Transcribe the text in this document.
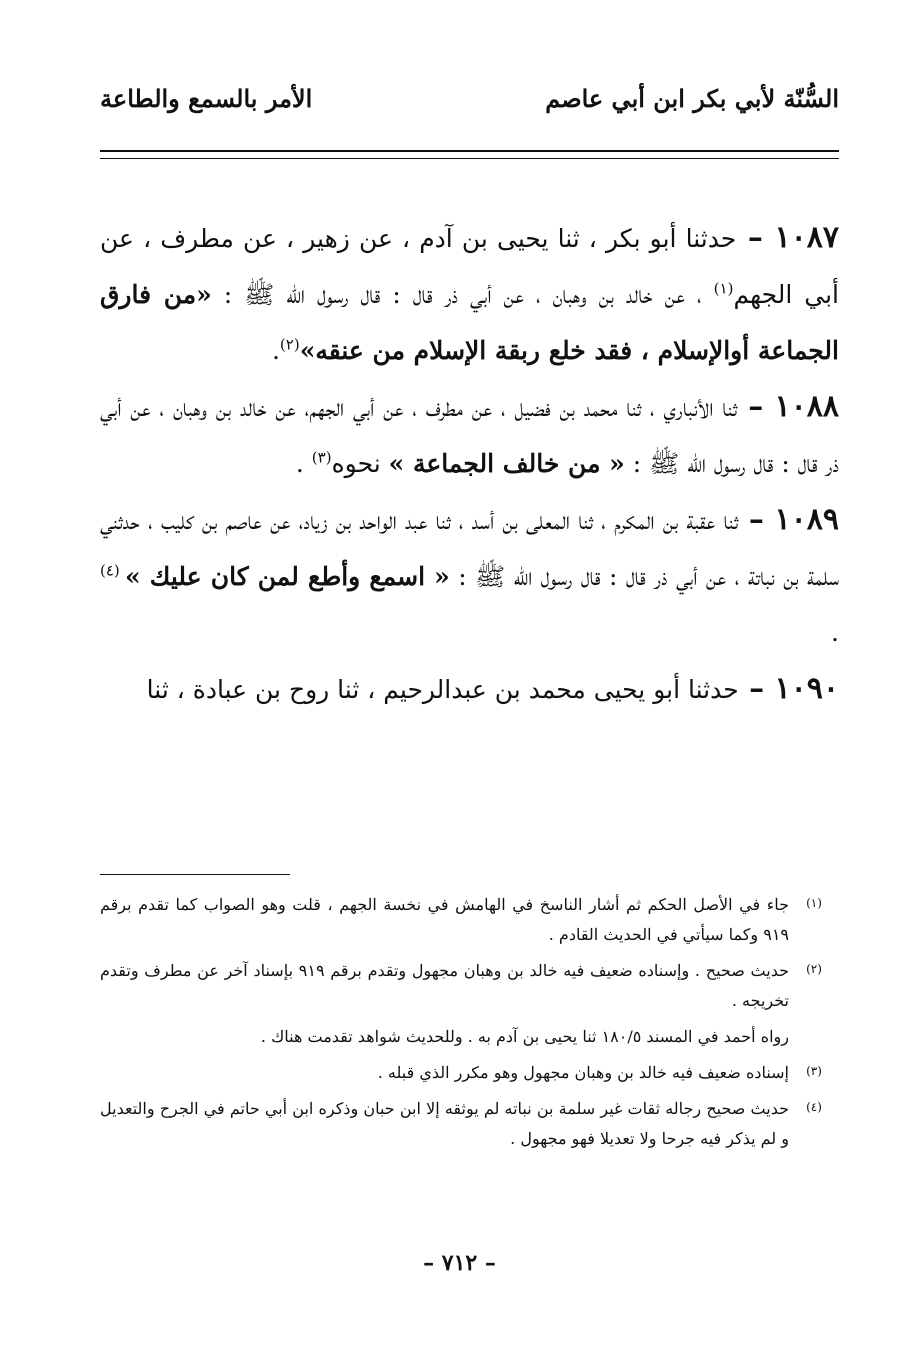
السُّنّة لأبي بكر ابن أبي عاصم
الأمر بالسمع والطاعة

١٠٨٧ – حدثنا أبو بكر ، ثنا يحيى بن آدم ، عن زهير ، عن مطرف ، عن أبي الجهم$^{(١)}$ ، عن خالد بن وهبان ، عن أبي ذر قال : قال رسول الله ﷺ : «من فارق الجماعة أوالإسلام ، فقد خلع ربقة الإسلام من عنقه»$^{(٢)}$.

١٠٨٨ – ثنا الأنباري ، ثنا محمد بن فضيل ، عن مطرف ، عن أبي الجهم، عن خالد بن وهبان ، عن أبي ذر قال : قال رسول الله ﷺ : « من خالف الجماعة » نحوه$^{(٣)}$ .

١٠٨٩ – ثنا عقبة بن المكرم ، ثنا المعلى بن أسد ، ثنا عبد الواحد بن زياد، عن عاصم بن كليب ، حدثني سلمة بن نباتة ، عن أبي ذر قال : قال رسول الله ﷺ : « اسمع وأطع لمن كان عليك » $^{(٤)}$ .

١٠٩٠ – حدثنا أبو يحيى محمد بن عبدالرحيم ، ثنا روح بن عبادة ، ثنا

(١)
جاء في الأصل الحكم ثم أشار الناسخ في الهامش في نخسة الجهم ، قلت وهو الصواب كما تقدم برقم ٩١٩ وكما سيأتي في الحديث القادم .
(٢)
حديث صحيح . وإسناده ضعيف فيه خالد بن وهبان مجهول وتقدم برقم ٩١٩ بإسناد آخر عن مطرف وتقدم تخريجه .
رواه أحمد في المسند ١٨٠/٥ ثنا يحيى بن آدم به . وللحديث شواهد تقدمت هناك .
(٣)
إسناده ضعيف فيه خالد بن وهبان مجهول وهو مكرر الذي قبله .
(٤)
حديث صحيح رجاله ثقات غير سلمة بن نباته لم يوثقه إلا ابن حبان وذكره ابن أبي حاتم في الجرح والتعديل و لم يذكر فيه جرحا ولا تعديلا فهو مجهول .
– ٧١٢ –
